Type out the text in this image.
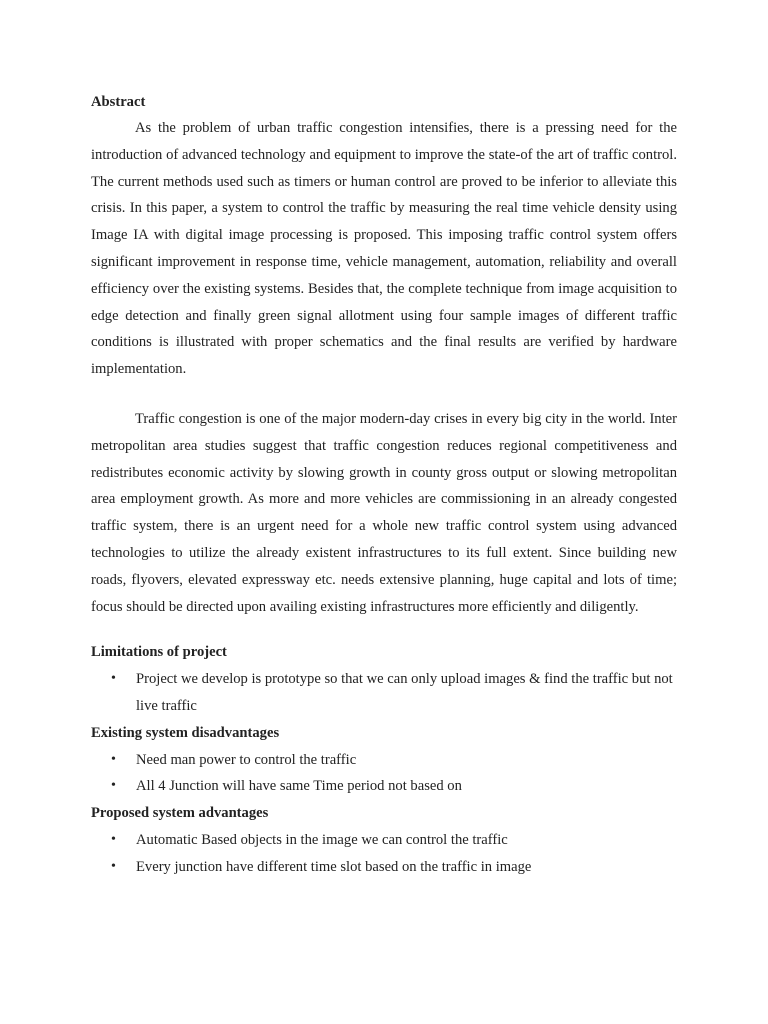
Abstract

As the problem of urban traffic congestion intensifies, there is a pressing need for the introduction of advanced technology and equipment to improve the state-of the art of traffic control. The current methods used such as timers or human control are proved to be inferior to alleviate this crisis. In this paper, a system to control the traffic by measuring the real time vehicle density using Image IA with digital image processing is proposed. This imposing traffic control system offers significant improvement in response time, vehicle management, automation, reliability and overall efficiency over the existing systems. Besides that, the complete technique from image acquisition to edge detection and finally green signal allotment using four sample images of different traffic conditions is illustrated with proper schematics and the final results are verified by hardware implementation.

Traffic congestion is one of the major modern-day crises in every big city in the world. Inter metropolitan area studies suggest that traffic congestion reduces regional competitiveness and redistributes economic activity by slowing growth in county gross output or slowing metropolitan area employment growth. As more and more vehicles are commissioning in an already congested traffic system, there is an urgent need for a whole new traffic control system using advanced technologies to utilize the already existent infrastructures to its full extent. Since building new roads, flyovers, elevated expressway etc. needs extensive planning, huge capital and lots of time; focus should be directed upon availing existing infrastructures more efficiently and diligently.

Limitations of project

• Project we develop is prototype so that we can only upload images & find the traffic but not live traffic

Existing system disadvantages

• Need man power to control the traffic
• All 4 Junction will have same Time period not based on

Proposed system advantages

• Automatic Based objects in the image we can control the traffic
• Every junction have different time slot based on the traffic in image
